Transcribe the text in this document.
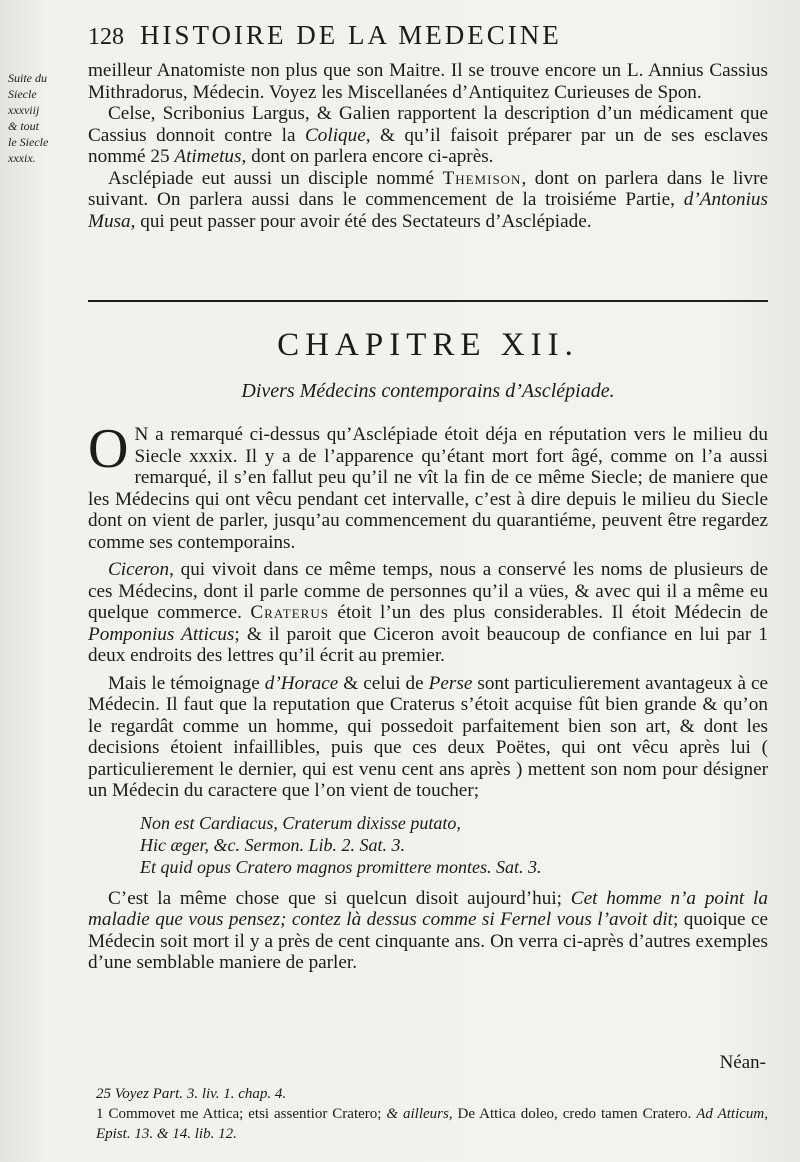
128 HISTOIRE DE LA MEDECINE
Suite du
Siecle
xxxviij
& tout
le Siecle
xxxix.

meilleur Anatomiste non plus que son Maitre. Il se trouve encore un L. Annius Cassius Mithradorus, Médecin. Voyez les Miscellanées d’Antiquitez Curieuses de Spon.

Celse, Scribonius Largus, & Galien rapportent la description d’un médicament que Cassius donnoit contre la Colique, & qu’il faisoit préparer par un de ses esclaves nommé 25 Atimetus, dont on parlera encore ci-après.

Asclépiade eut aussi un disciple nommé Themison, dont on parlera dans le livre suivant. On parlera aussi dans le commencement de la troisiéme Partie, d’Antonius Musa, qui peut passer pour avoir été des Sectateurs d’Asclépiade.

CHAPITRE XII.
Divers Médecins contemporains d’Asclépiade.

O N a remarqué ci-dessus qu’Asclépiade étoit déja en réputation vers le milieu du Siecle xxxix. Il y a de l’apparence qu’étant mort fort âgé, comme on l’a aussi remarqué, il s’en fallut peu qu’il ne vît la fin de ce même Siecle; de maniere que les Médecins qui ont vêcu pendant cet intervalle, c’est à dire depuis le milieu du Siecle dont on vient de parler, jusqu’au commencement du quarantiéme, peuvent être regardez comme ses contemporains.

Ciceron, qui vivoit dans ce même temps, nous a conservé les noms de plusieurs de ces Médecins, dont il parle comme de personnes qu’il a vües, & avec qui il a même eu quelque commerce. Craterus étoit l’un des plus considerables. Il étoit Médecin de Pomponius Atticus; & il paroit que Ciceron avoit beaucoup de confiance en lui par 1 deux endroits des lettres qu’il écrit au premier.

Mais le témoignage d’Horace & celui de Perse sont particulierement avantageux à ce Médecin. Il faut que la reputation que Craterus s’étoit acquise fût bien grande & qu’on le regardât comme un homme, qui possedoit parfaitement bien son art, & dont les decisions étoient infaillibles, puis que ces deux Poëtes, qui ont vêcu après lui ( particulierement le dernier, qui est venu cent ans après ) mettent son nom pour désigner un Médecin du caractere que l’on vient de toucher;

Non est Cardiacus, Craterum dixisse putato,
Hic æger, &c. Sermon. Lib. 2. Sat. 3.
Et quid opus Cratero magnos promittere montes. Sat. 3.

C’est la même chose que si quelcun disoit aujourd’hui; Cet homme n’a point la maladie que vous pensez; contez là dessus comme si Fernel vous l’avoit dit; quoique ce Médecin soit mort il y a près de cent cinquante ans. On verra ci-après d’autres exemples d’une semblable maniere de parler.

Néan-
25 Voyez Part. 3. liv. 1. chap. 4.
1 Commovet me Attica; etsi assentior Cratero; & ailleurs, De Attica doleo, credo tamen Cratero. Ad Atticum, Epist. 13. & 14. lib. 12.
